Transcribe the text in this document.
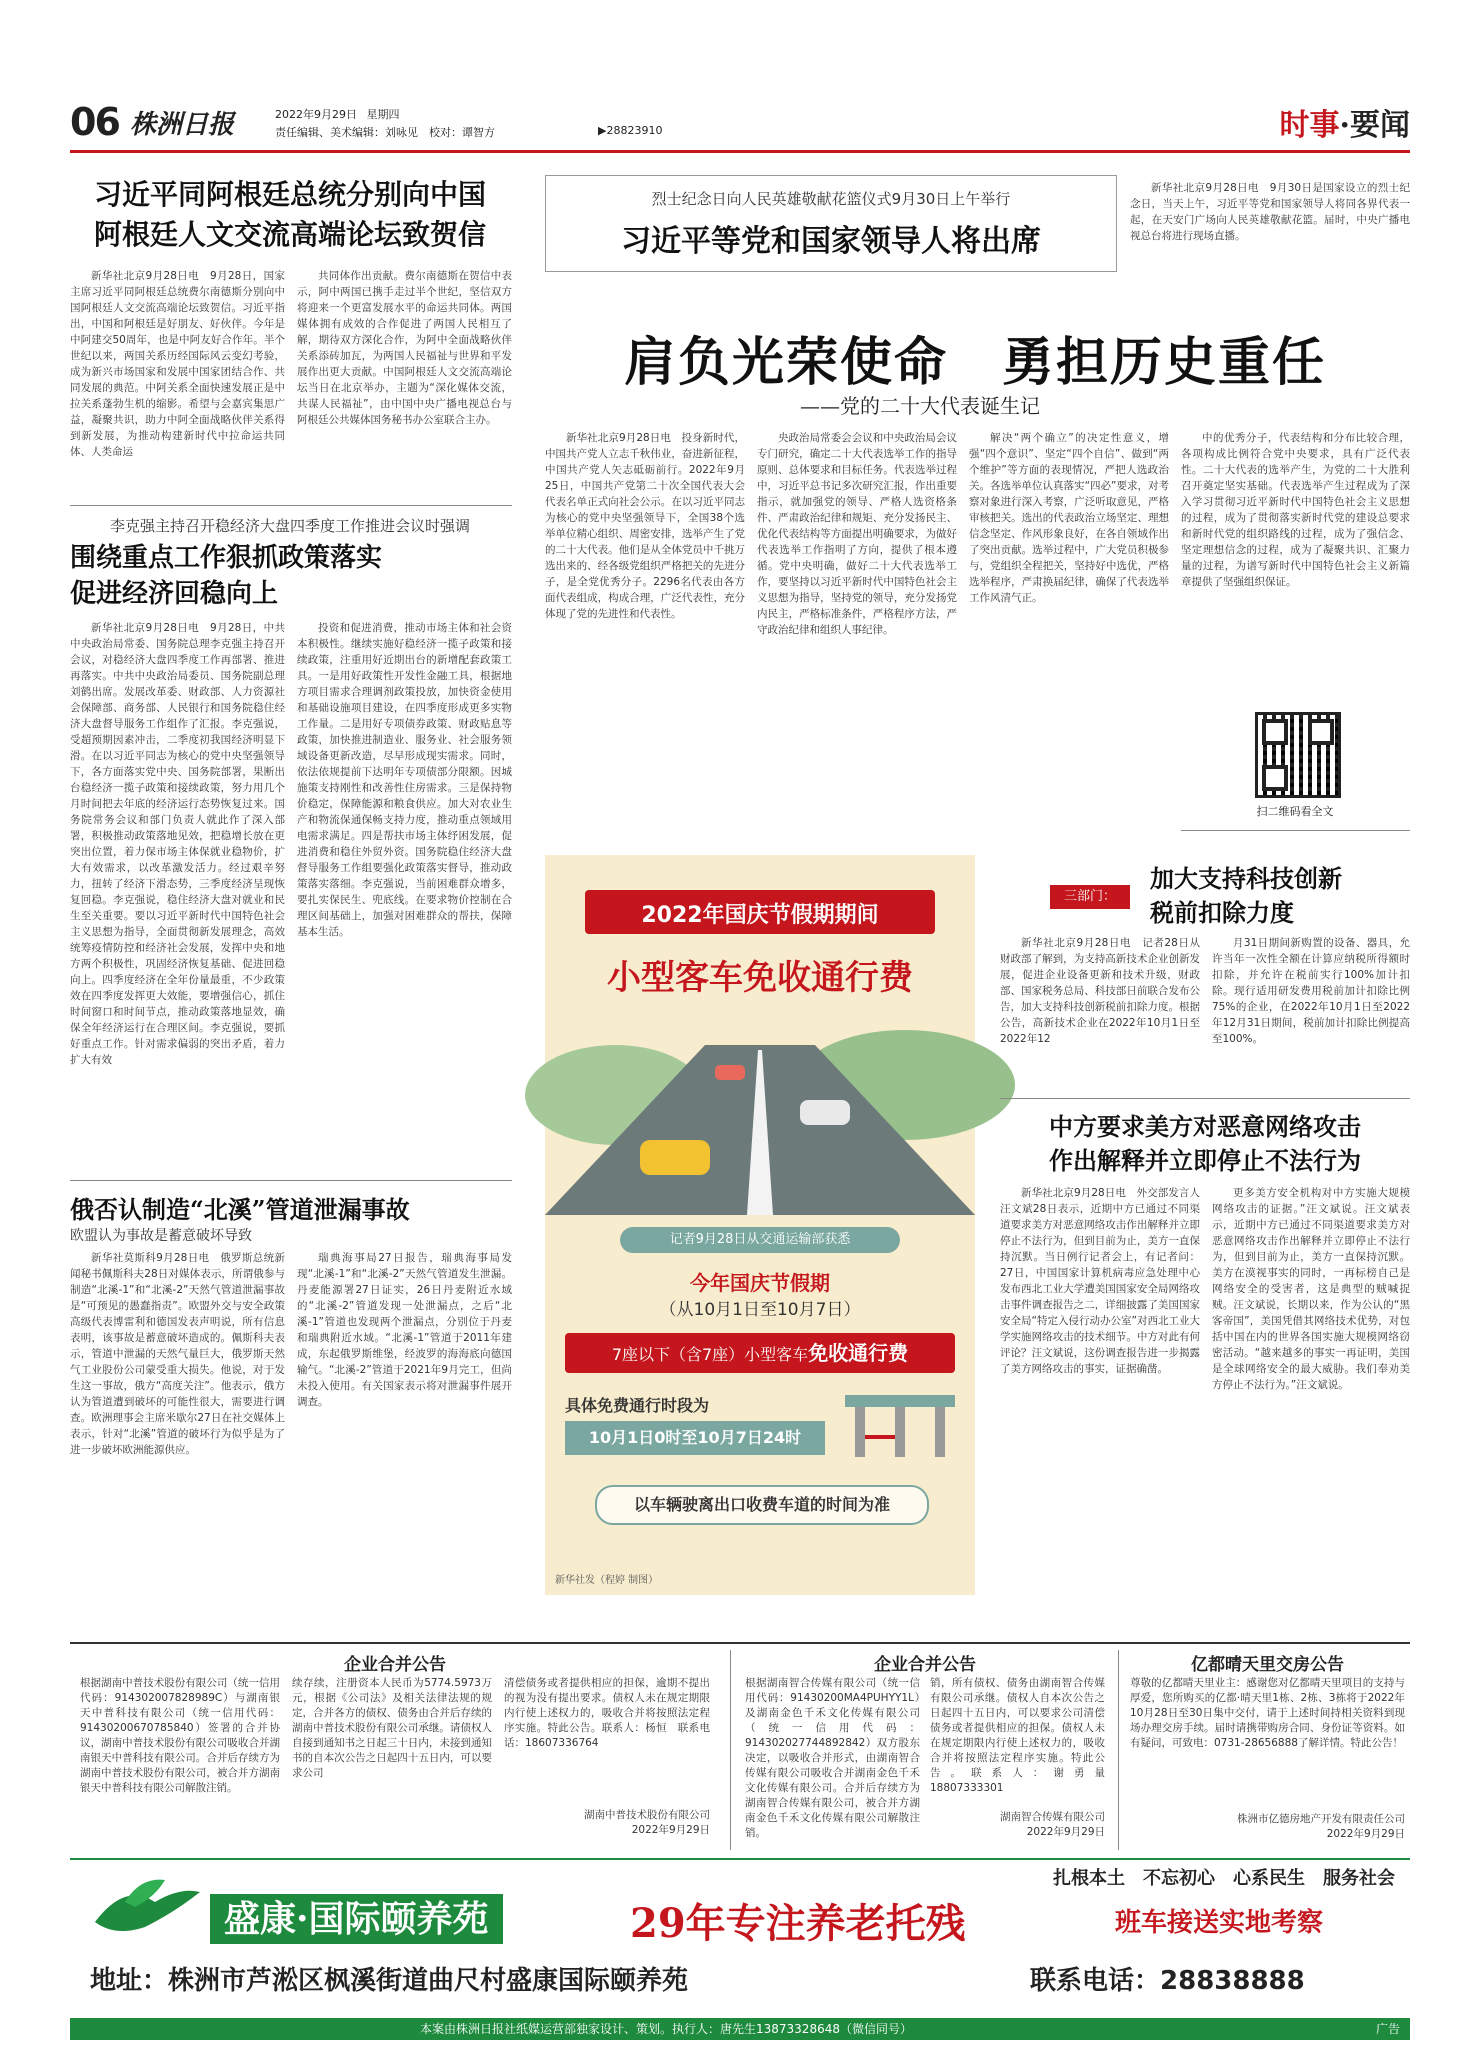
06 株洲日报	2022年9月29日 星期四
责任编辑、美术编辑：刘咏见　校对：谭智方	▶28823910	时事·要闻
习近平同阿根廷总统分别向中国
阿根廷人文交流高端论坛致贺信

新华社北京9月28日电　9月28日，国家主席习近平同阿根廷总统费尔南德斯分别向中国阿根廷人文交流高端论坛致贺信。习近平指出，中国和阿根廷是好朋友、好伙伴。今年是中阿建交50周年，也是中阿友好合作年。半个世纪以来，两国关系历经国际风云变幻考验，成为新兴市场国家和发展中国家团结合作、共同发展的典范。中阿关系全面快速发展正是中拉关系蓬勃生机的缩影。希望与会嘉宾集思广益，凝聚共识，助力中阿全面战略伙伴关系得到新发展，为推动构建新时代中拉命运共同体、人类命运

共同体作出贡献。费尔南德斯在贺信中表示，阿中两国已携手走过半个世纪，坚信双方将迎来一个更富发展水平的命运共同体。两国媒体拥有成效的合作促进了两国人民相互了解，期待双方深化合作，为阿中全面战略伙伴关系添砖加瓦，为两国人民福祉与世界和平发展作出更大贡献。中国阿根廷人文交流高端论坛当日在北京举办，主题为“深化媒体交流，共谋人民福祉”，由中国中央广播电视总台与阿根廷公共媒体国务秘书办公室联合主办。

烈士纪念日向人民英雄敬献花篮仪式9月30日上午举行
习近平等党和国家领导人将出席

新华社北京9月28日电　9月30日是国家设立的烈士纪念日，当天上午，习近平等党和国家领导人将同各界代表一起，在天安门广场向人民英雄敬献花篮。届时，中央广播电视总台将进行现场直播。

肩负光荣使命　勇担历史重任
——党的二十大代表诞生记

新华社北京9月28日电　投身新时代，中国共产党人立志千秋伟业，奋进新征程，中国共产党人矢志砥砺前行。2022年9月25日，中国共产党第二十次全国代表大会代表名单正式向社会公示。在以习近平同志为核心的党中央坚强领导下，全国38个选举单位精心组织、周密安排，选举产生了党的二十大代表。他们是从全体党员中千挑万选出来的、经各级党组织严格把关的先进分子，是全党优秀分子。2296名代表由各方面代表组成，构成合理，广泛代表性，充分体现了党的先进性和代表性。

央政治局常委会会议和中央政治局会议专门研究，确定二十大代表选举工作的指导原则、总体要求和目标任务。代表选举过程中，习近平总书记多次研究汇报，作出重要指示，就加强党的领导、严格人选资格条件、严肃政治纪律和规矩、充分发扬民主、优化代表结构等方面提出明确要求，为做好代表选举工作指明了方向，提供了根本遵循。党中央明确，做好二十大代表选举工作，要坚持以习近平新时代中国特色社会主义思想为指导，坚持党的领导，充分发扬党内民主，严格标准条件，严格程序方法，严守政治纪律和组织人事纪律。

解决“两个确立”的决定性意义，增强“四个意识”、坚定“四个自信”、做到“两个维护”等方面的表现情况，严把人选政治关。各选举单位认真落实“四必”要求，对考察对象进行深入考察，广泛听取意见，严格审核把关。选出的代表政治立场坚定、理想信念坚定、作风形象良好，在各自领域作出了突出贡献。选举过程中，广大党员积极参与，党组织全程把关，坚持好中选优，严格选举程序，严肃换届纪律，确保了代表选举工作风清气正。

中的优秀分子，代表结构和分布比较合理，各项构成比例符合党中央要求，具有广泛代表性。二十大代表的选举产生，为党的二十大胜利召开奠定坚实基础。代表选举产生过程成为了深入学习贯彻习近平新时代中国特色社会主义思想的过程，成为了贯彻落实新时代党的建设总要求和新时代党的组织路线的过程，成为了强信念、坚定理想信念的过程，成为了凝聚共识、汇聚力量的过程，为谱写新时代中国特色社会主义新篇章提供了坚强组织保证。

扫二维码看全文
李克强主持召开稳经济大盘四季度工作推进会议时强调
围绕重点工作狠抓政策落实
促进经济回稳向上

新华社北京9月28日电　9月28日，中共中央政治局常委、国务院总理李克强主持召开会议，对稳经济大盘四季度工作再部署、推进再落实。中共中央政治局委员、国务院副总理刘鹤出席。发展改革委、财政部、人力资源社会保障部、商务部、人民银行和国务院稳住经济大盘督导服务工作组作了汇报。李克强说，受超预期因素冲击，二季度初我国经济明显下滑。在以习近平同志为核心的党中央坚强领导下，各方面落实党中央、国务院部署，果断出台稳经济一揽子政策和接续政策，努力用几个月时间把去年底的经济运行态势恢复过来。国务院常务会议和部门负责人就此作了深入部署，积极推动政策落地见效，把稳增长放在更突出位置，着力保市场主体保就业稳物价，扩大有效需求，以改革激发活力。经过艰辛努力，扭转了经济下滑态势，三季度经济呈现恢复回稳。李克强说，稳住经济大盘对就业和民生至关重要。要以习近平新时代中国特色社会主义思想为指导，全面贯彻新发展理念，高效统筹疫情防控和经济社会发展，发挥中央和地方两个积极性，巩固经济恢复基础、促进回稳向上。四季度经济在全年份量最重，不少政策效在四季度发挥更大效能，要增强信心，抓住时间窗口和时间节点，推动政策落地显效，确保全年经济运行在合理区间。李克强说，要抓好重点工作。针对需求偏弱的突出矛盾，着力扩大有效

投资和促进消费，推动市场主体和社会资本积极性。继续实施好稳经济一揽子政策和接续政策，注重用好近期出台的新增配套政策工具。一是用好政策性开发性金融工具，根据地方项目需求合理调剂政策投放，加快资金使用和基础设施项目建设，在四季度形成更多实物工作量。二是用好专项债券政策、财政贴息等政策，加快推进制造业、服务业、社会服务领域设备更新改造，尽早形成现实需求。同时，依法依规提前下达明年专项债部分限额。因城施策支持刚性和改善性住房需求。三是保持物价稳定，保障能源和粮食供应。加大对农业生产和物流保通保畅支持力度，推动重点领域用电需求满足。四是帮扶市场主体纾困发展，促进消费和稳住外贸外资。国务院稳住经济大盘督导服务工作组要强化政策落实督导，推动政策落实落细。李克强说，当前困难群众增多，要扎实保民生、兜底线。在要求物价控制在合理区间基础上，加强对困难群众的帮扶，保障基本生活。

2022年国庆节假期期间
小型客车免收通行费
记者9月28日从交通运输部获悉
今年国庆节假期
（从10月1日至10月7日）
7座以下（含7座）小型客车免收通行费
具体免费通行时段为
10月1日0时至10月7日24时
以车辆驶离出口收费车道的时间为准
新华社发（程婷 制图）
俄否认制造“北溪”管道泄漏事故
欧盟认为事故是蓄意破坏导致

新华社莫斯科9月28日电　俄罗斯总统新闻秘书佩斯科夫28日对媒体表示，所谓俄参与制造“北溪-1”和“北溪-2”天然气管道泄漏事故是“可预见的愚蠢指责”。欧盟外交与安全政策高级代表博雷利和德国发表声明说，所有信息表明，该事故是蓄意破坏造成的。佩斯科夫表示，管道中泄漏的天然气量巨大，俄罗斯天然气工业股份公司蒙受重大损失。他说，对于发生这一事故，俄方“高度关注”。他表示，俄方认为管道遭到破坏的可能性很大，需要进行调查。欧洲理事会主席米歇尔27日在社交媒体上表示，针对“北溪”管道的破坏行为似乎是为了进一步破坏欧洲能源供应。

瑞典海事局27日报告，瑞典海事局发现“北溪-1”和“北溪-2”天然气管道发生泄漏。丹麦能源署27日证实，26日丹麦附近水域的“北溪-2”管道发现一处泄漏点，之后“北溪-1”管道也发现两个泄漏点，分别位于丹麦和瑞典附近水域。“北溪-1”管道于2011年建成，东起俄罗斯维堡，经波罗的海海底向德国输气。“北溪-2”管道于2021年9月完工，但尚未投入使用。有关国家表示将对泄漏事件展开调查。

三部门：
加大支持科技创新
税前扣除力度

新华社北京9月28日电　记者28日从财政部了解到，为支持高新技术企业创新发展，促进企业设备更新和技术升级，财政部、国家税务总局、科技部日前联合发布公告，加大支持科技创新税前扣除力度。根据公告，高新技术企业在2022年10月1日至2022年12

月31日期间新购置的设备、器具，允许当年一次性全额在计算应纳税所得额时扣除，并允许在税前实行100%加计扣除。现行适用研发费用税前加计扣除比例75%的企业，在2022年10月1日至2022年12月31日期间，税前加计扣除比例提高至100%。

中方要求美方对恶意网络攻击
作出解释并立即停止不法行为

新华社北京9月28日电　外交部发言人汪文斌28日表示，近期中方已通过不同渠道要求美方对恶意网络攻击作出解释并立即停止不法行为，但到目前为止，美方一直保持沉默。当日例行记者会上，有记者问：27日，中国国家计算机病毒应急处理中心发布西北工业大学遭美国国家安全局网络攻击事件调查报告之二，详细披露了美国国家安全局“特定入侵行动办公室”对西北工业大学实施网络攻击的技术细节。中方对此有何评论？汪文斌说，这份调查报告进一步揭露了美方网络攻击的事实，证据确凿。

更多美方安全机构对中方实施大规模网络攻击的证据。”汪文斌说。汪文斌表示，近期中方已通过不同渠道要求美方对恶意网络攻击作出解释并立即停止不法行为，但到目前为止，美方一直保持沉默。美方在漠视事实的同时，一再标榜自己是网络安全的受害者，这是典型的贼喊捉贼。汪文斌说，长期以来，作为公认的“黑客帝国”，美国凭借其网络技术优势，对包括中国在内的世界各国实施大规模网络窃密活动。“越来越多的事实一再证明，美国是全球网络安全的最大威胁。我们奉劝美方停止不法行为。”汪文斌说。

企业合并公告

根据湖南中普技术股份有限公司（统一信用代码：914302007828989C）与湖南银天中普科技有限公司（统一信用代码：91430200670785840）签署的合并协议，湖南中普技术股份有限公司吸收合并湖南银天中普科技有限公司。合并后存续方为湖南中普技术股份有限公司，被合并方湖南银天中普科技有限公司解散注销。

续存续，注册资本人民币为5774.5973万元，根据《公司法》及相关法律法规的规定，合并各方的债权、债务由合并后存续的湖南中普技术股份有限公司承继。请债权人自接到通知书之日起三十日内，未接到通知书的自本次公告之日起四十五日内，可以要求公司

清偿债务或者提供相应的担保，逾期不提出的视为没有提出要求。债权人未在规定期限内行使上述权力的，吸收合并将按照法定程序实施。特此公告。联系人：杨恒　联系电话：18607336764

湖南中普技术股份有限公司
2022年9月29日
企业合并公告

根据湖南智合传媒有限公司（统一信用代码：91430200MA4PUHYY1L）及湖南金色千禾文化传媒有限公司（统一信用代码：914302027744892842）双方股东决定，以吸收合并形式，由湖南智合传媒有限公司吸收合并湖南金色千禾文化传媒有限公司。合并后存续方为湖南智合传媒有限公司，被合并方湖南金色千禾文化传媒有限公司解散注销。

销，所有债权、债务由湖南智合传媒有限公司承继。债权人自本次公告之日起四十五日内，可以要求公司清偿债务或者提供相应的担保。债权人未在规定期限内行使上述权力的，吸收合并将按照法定程序实施。特此公告。联系人：谢勇量　18807333301

湖南智合传媒有限公司
2022年9月29日
亿都晴天里交房公告

尊敬的亿都晴天里业主：感谢您对亿都晴天里项目的支持与厚爱，您所购买的亿都·晴天里1栋、2栋、3栋将于2022年10月28日至30日集中交付，请于上述时间持相关资料到现场办理交房手续。届时请携带购房合同、身份证等资料。如有疑问，可致电：0731-28656888了解详情。特此公告！

株洲市亿德房地产开发有限责任公司
2022年9月29日
扎根本土　不忘初心　心系民生　服务社会
盛康·国际颐养苑	29年专注养老托残	班车接送实地考察
地址：株洲市芦淞区枫溪街道曲尺村盛康国际颐养苑	联系电话：28838888
本案由株洲日报社纸媒运营部独家设计、策划。执行人：唐先生13873328648（微信同号）	广告
